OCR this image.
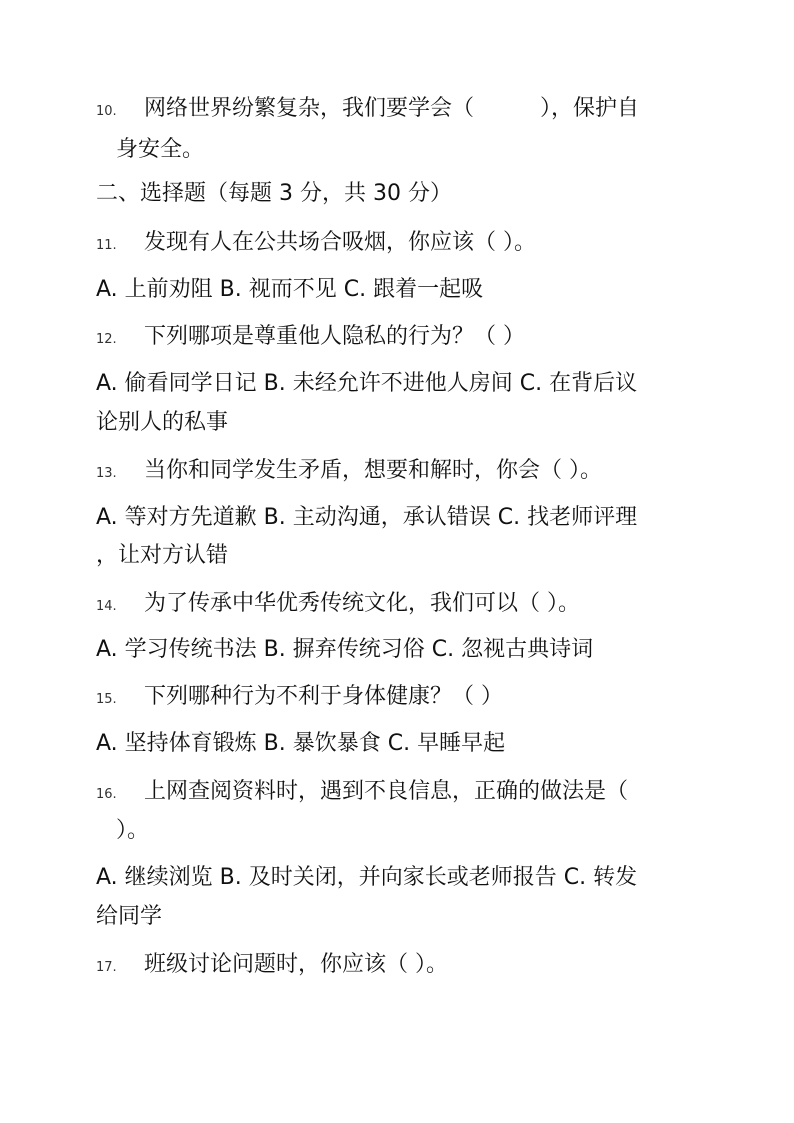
10. 网络世界纷繁复杂，我们要学会（　　　），保护自
身安全。
二、选择题（每题 3 分，共 30 分）
11. 发现有人在公共场合吸烟，你应该（ ）。
A. 上前劝阻 B. 视而不见 C. 跟着一起吸
12. 下列哪项是尊重他人隐私的行为？（ ）
A. 偷看同学日记 B. 未经允许不进他人房间 C. 在背后议
论别人的私事
13. 当你和同学发生矛盾，想要和解时，你会（ ）。
A. 等对方先道歉 B. 主动沟通，承认错误 C. 找老师评理
，让对方认错
14. 为了传承中华优秀传统文化，我们可以（ ）。
A. 学习传统书法 B. 摒弃传统习俗 C. 忽视古典诗词
15. 下列哪种行为不利于身体健康？（ ）
A. 坚持体育锻炼 B. 暴饮暴食 C. 早睡早起
16. 上网查阅资料时，遇到不良信息，正确的做法是（
）。
A. 继续浏览 B. 及时关闭，并向家长或老师报告 C. 转发
给同学
17. 班级讨论问题时，你应该（ ）。
